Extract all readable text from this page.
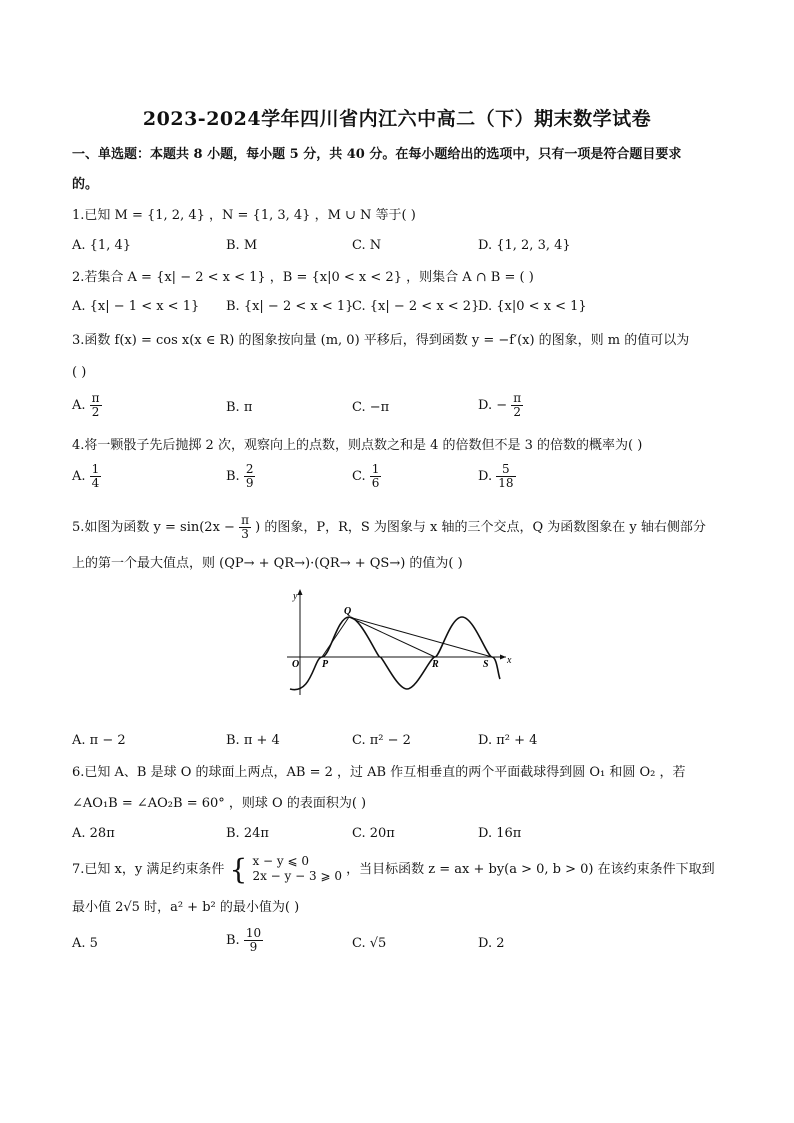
2023-2024学年四川省内江六中高二（下）期末数学试卷
一、单选题：本题共 8 小题，每小题 5 分，共 40 分。在每小题给出的选项中，只有一项是符合题目要求
的。
1.已知 M = {1, 2, 4} ，N = {1, 3, 4} ，M ∪ N 等于( )
A. {1, 4}	B. M	C. N	D. {1, 2, 3, 4}
2.若集合 A = {x| − 2 < x < 1} ，B = {x|0 < x < 2} ，则集合 A ∩ B = ( )
A. {x| − 1 < x < 1} B. {x| − 2 < x < 1}
C. {x| − 2 < x < 2}
D. {x|0 < x < 1}
3.函数 f(x) = cos x(x ∈ R) 的图象按向量 (m, 0) 平移后，得到函数 y = −f′(x) 的图象，则 m 的值可以为
( )
A. $\frac{\pi}{2}$	B. π	C. −π	D. − $\frac{\pi}{2}$
4.将一颗骰子先后抛掷 2 次，观察向上的点数，则点数之和是 4 的倍数但不是 3 的倍数的概率为( )
A. $\frac{1}{4}$	B. $\frac{2}{9}$	C. $\frac{1}{6}$	D. $\frac{5}{18}$
5.如图为函数 $y = \sin(2x - \frac{\pi}{3}$ ) 的图象，P，R，S 为图象与 x 轴的三个交点，Q 为函数图象在 y 轴右侧部分
上的第一个最大值点，则 (QP→ + QR→)·(QR→ + QS→) 的值为( )
y
x
O P
Q
R	S
A. π − 2	B. π + 4	C. π² − 2	D. π² + 4
6.已知 A、B 是球 O 的球面上两点，AB = 2 ，过 AB 作互相垂直的两个平面截球得到圆 O₁ 和圆 O₂ ，若
∠AO₁B = ∠AO₂B = 60° ，则球 O 的表面积为( )
A. 28π	B. 24π	C. 20π	D. 16π
7.已知 x，y 满足约束条件 { x − y ⩽ 0
2x − y − 3 ⩾ 0 ，当目标函数 z = ax + by(a > 0, b > 0) 在该约束条件下取到
最小值 2√5 时，a² + b² 的最小值为( )
A. 5	B. $\frac{10}{9}$	C. √5	D. 2
